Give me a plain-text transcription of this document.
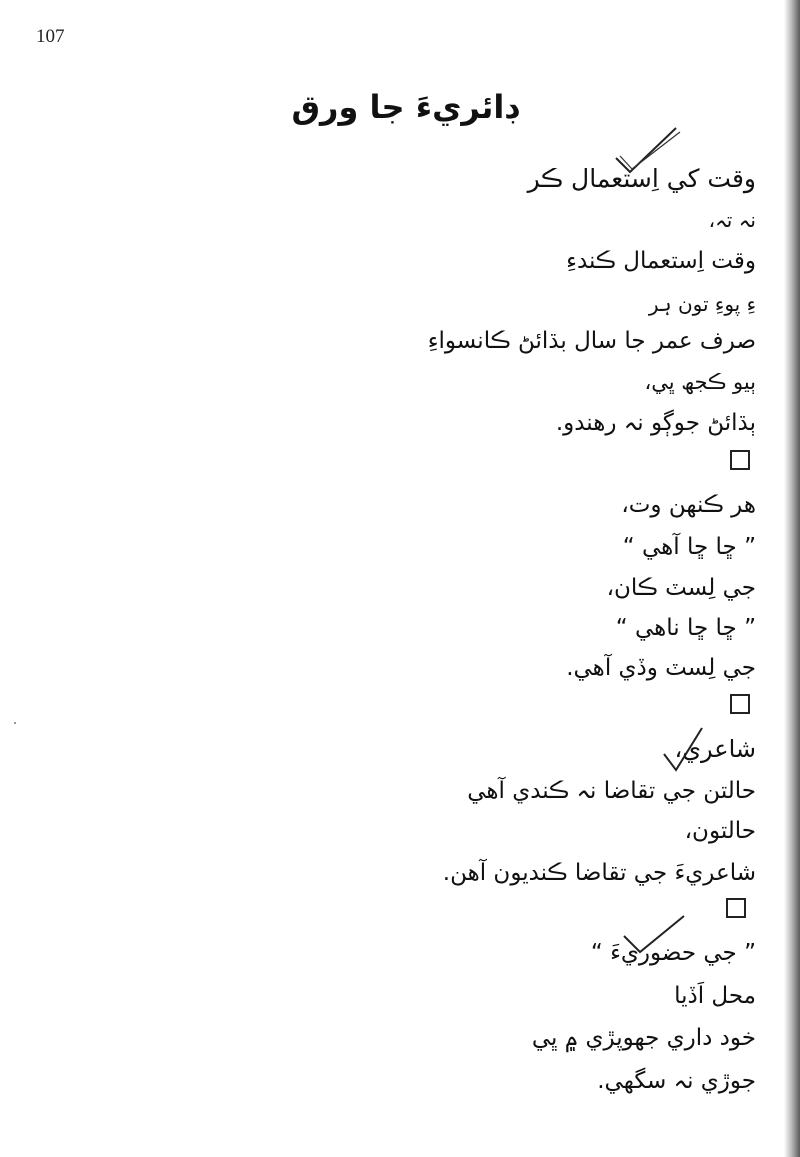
107
ڊائريءَ جا ورق
وقت کي اِستعمال ڪر
نہ تہ،
وقت اِستعمال ڪندءِ
ءِ پوءِ تون ہر
صرف عمر جا سال بڌائڻ ڪانسواءِ
ٻيو ڪجھ ڀي،
ٻڌائڻ جوڳو نہ رهندو.
هر ڪنهن وت،
” ڇا ڇا آهي “
جي لِسٽ ڪان،
” ڇا ڇا ناهي “
جي لِسٽ وڏي آهي.
شاعري،
حالتن جي تقاضا نہ ڪندي آهي
حالتون،
شاعريءَ جي تقاضا ڪنديون آهن.
” جي حضوريءَ “
محل اَڏيا
خود داري جهوپڙي ۾ ڀي
جوڙي نہ سگهي.
